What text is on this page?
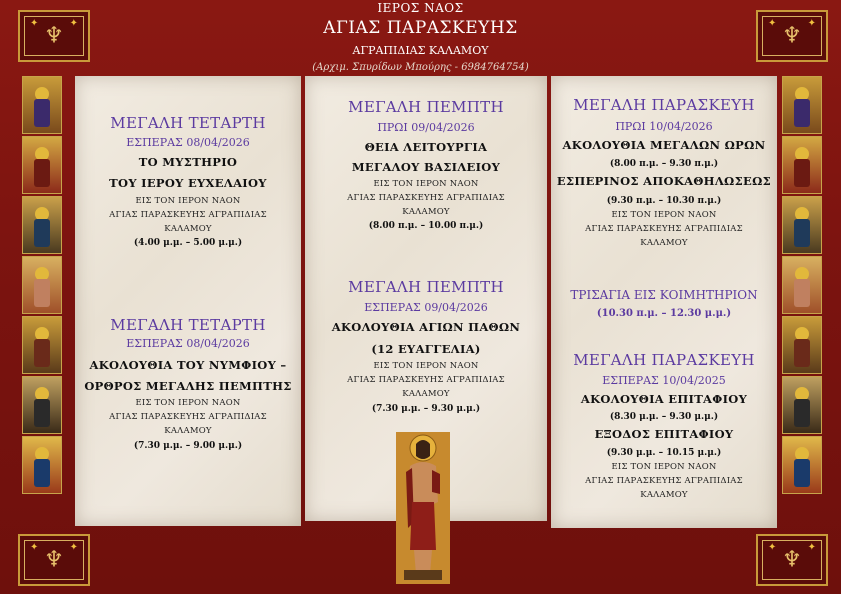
ΙΕΡΟΣ ΝΑΟΣ
ΑΓΙΑΣ ΠΑΡΑΣΚΕΥΗΣ
ΑΓΡΑΠΙΔΙΑΣ ΚΑΛΑΜΟΥ
(Αρχιμ. Σπυρίδων Μπούρης - 6984764754)
✦	✦
♆	✦	✦
♆
✦	✦
♆	✦	✦
♆
ΜΕΓΑΛΗ ΤΕΤΑΡΤΗ
ΕΣΠΕΡΑΣ 08/04/2026
ΤΟ ΜΥΣΤΗΡΙΟ
ΤΟΥ ΙΕΡΟΥ ΕΥΧΕΛΑΙΟΥ
ΕΙΣ ΤΟΝ ΙΕΡΟΝ ΝΑΟΝ
ΑΓΙΑΣ ΠΑΡΑΣΚΕΥΗΣ ΑΓΡΑΠΙΔΙΑΣ
ΚΑΛΑΜΟΥ
(4.00 μ.μ. – 5.00 μ.μ.)
ΜΕΓΑΛΗ ΤΕΤΑΡΤΗ
ΕΣΠΕΡΑΣ 08/04/2026
ΑΚΟΛΟΥΘΙΑ ΤΟΥ ΝΥΜΦΙΟΥ –
ΟΡΘΡΟΣ ΜΕΓΑΛΗΣ ΠΕΜΠΤΗΣ
ΕΙΣ ΤΟΝ ΙΕΡΟΝ ΝΑΟΝ
ΑΓΙΑΣ ΠΑΡΑΣΚΕΥΗΣ ΑΓΡΑΠΙΔΙΑΣ
ΚΑΛΑΜΟΥ
(7.30 μ.μ. – 9.00 μ.μ.)
ΜΕΓΑΛΗ ΠΕΜΠΤΗ
ΠΡΩΙ 09/04/2026
ΘΕΙΑ ΛΕΙΤΟΥΡΓΙΑ
ΜΕΓΑΛΟΥ ΒΑΣΙΛΕΙΟΥ
ΕΙΣ ΤΟΝ ΙΕΡΟΝ ΝΑΟΝ
ΑΓΙΑΣ ΠΑΡΑΣΚΕΥΗΣ ΑΓΡΑΠΙΔΙΑΣ
ΚΑΛΑΜΟΥ
(8.00 π.μ. – 10.00 π.μ.)
ΜΕΓΑΛΗ ΠΕΜΠΤΗ
ΕΣΠΕΡΑΣ 09/04/2026
ΑΚΟΛΟΥΘΙΑ ΑΓΙΩΝ ΠΑΘΩΝ
(12 ΕΥΑΓΓΕΛΙΑ)
ΕΙΣ ΤΟΝ ΙΕΡΟΝ ΝΑΟΝ
ΑΓΙΑΣ ΠΑΡΑΣΚΕΥΗΣ ΑΓΡΑΠΙΔΙΑΣ
ΚΑΛΑΜΟΥ
(7.30 μ.μ. – 9.30 μ.μ.)
ΜΕΓΑΛΗ ΠΑΡΑΣΚΕΥΗ
ΠΡΩΙ 10/04/2026
ΑΚΟΛΟΥΘΙΑ ΜΕΓΑΛΩΝ ΩΡΩΝ
(8.00 π.μ. – 9.30 π.μ.)
ΕΣΠΕΡΙΝΟΣ ΑΠΟΚΑΘΗΛΩΣΕΩΣ
(9.30 π.μ. – 10.30 π.μ.)
ΕΙΣ ΤΟΝ ΙΕΡΟΝ ΝΑΟΝ
ΑΓΙΑΣ ΠΑΡΑΣΚΕΥΗΣ ΑΓΡΑΠΙΔΙΑΣ
ΚΑΛΑΜΟΥ
ΤΡΙΣΑΓΙΑ ΕΙΣ ΚΟΙΜΗΤΗΡΙΟΝ
(10.30 π.μ. – 12.30 μ.μ.)
ΜΕΓΑΛΗ ΠΑΡΑΣΚΕΥΗ
ΕΣΠΕΡΑΣ 10/04/2025
ΑΚΟΛΟΥΘΙΑ ΕΠΙΤΑΦΙΟΥ
(8.30 μ.μ. – 9.30 μ.μ.)
ΕΞΟΔΟΣ ΕΠΙΤΑΦΙΟΥ
(9.30 μ.μ. – 10.15 μ.μ.)
ΕΙΣ ΤΟΝ ΙΕΡΟΝ ΝΑΟΝ
ΑΓΙΑΣ ΠΑΡΑΣΚΕΥΗΣ ΑΓΡΑΠΙΔΙΑΣ
ΚΑΛΑΜΟΥ
